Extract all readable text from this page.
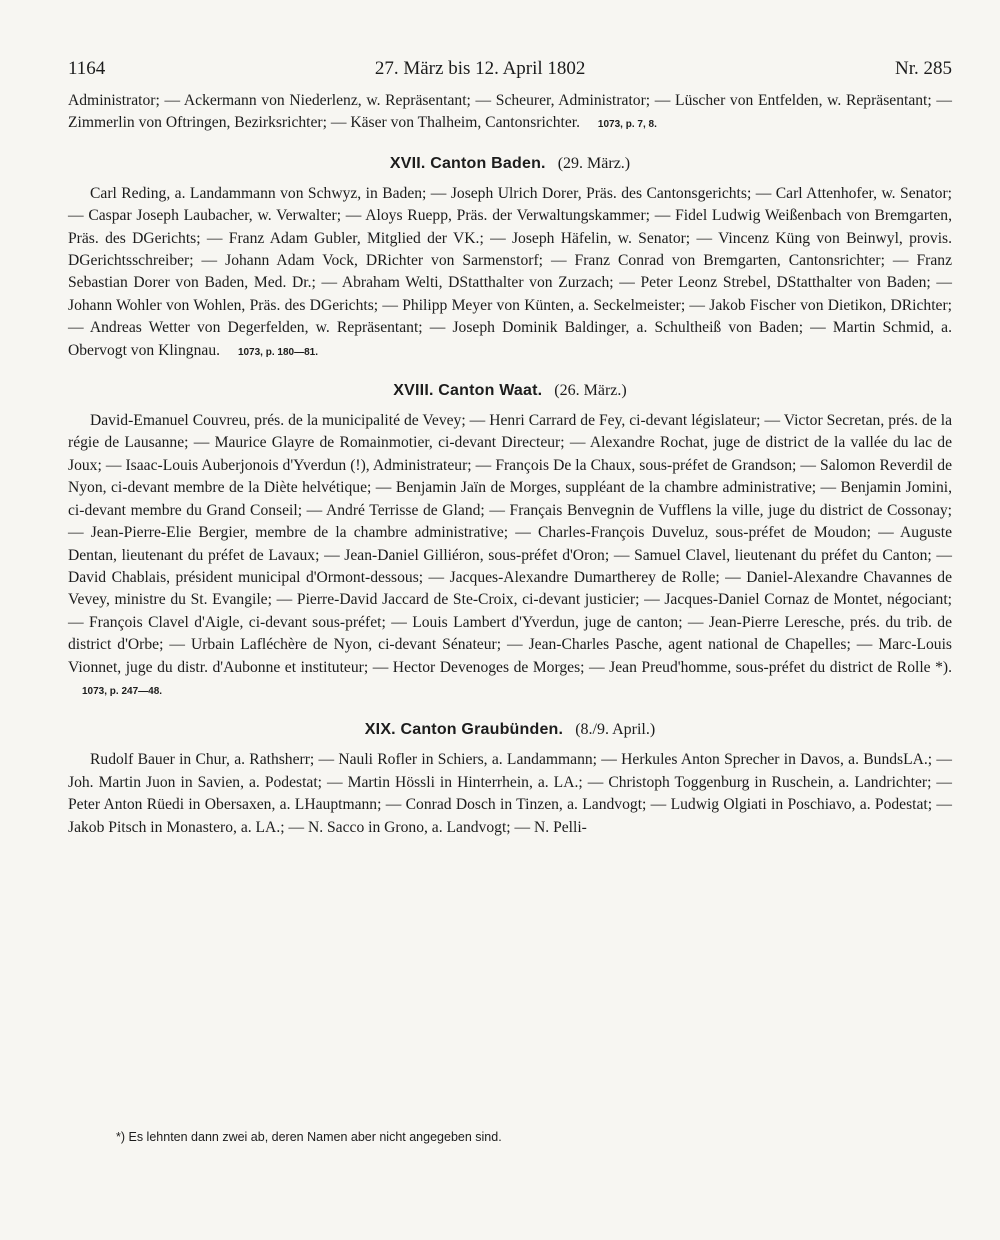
1164	27. März bis 12. April 1802	Nr. 285

Administrator; — Ackermann von Niederlenz, w. Repräsentant; — Scheurer, Administrator; — Lüscher von Entfelden, w. Repräsentant; — Zimmerlin von Oftringen, Bezirksrichter; — Käser von Thalheim, Cantonsrichter. 1073, p. 7, 8.

XVII. Canton Baden. (29. März.)

Carl Reding, a. Landammann von Schwyz, in Baden; — Joseph Ulrich Dorer, Präs. des Cantonsgerichts; — Carl Attenhofer, w. Senator; — Caspar Joseph Laubacher, w. Verwalter; — Aloys Ruepp, Präs. der Verwaltungskammer; — Fidel Ludwig Weißenbach von Bremgarten, Präs. des DGerichts; — Franz Adam Gubler, Mitglied der VK.; — Joseph Häfelin, w. Senator; — Vincenz Küng von Beinwyl, provis. DGerichtsschreiber; — Johann Adam Vock, DRichter von Sarmenstorf; — Franz Conrad von Bremgarten, Cantonsrichter; — Franz Sebastian Dorer von Baden, Med. Dr.; — Abraham Welti, DStatthalter von Zurzach; — Peter Leonz Strebel, DStatthalter von Baden; — Johann Wohler von Wohlen, Präs. des DGerichts; — Philipp Meyer von Künten, a. Seckelmeister; — Jakob Fischer von Dietikon, DRichter; — Andreas Wetter von Degerfelden, w. Repräsentant; — Joseph Dominik Baldinger, a. Schultheiß von Baden; — Martin Schmid, a. Obervogt von Klingnau. 1073, p. 180—81.

XVIII. Canton Waat. (26. März.)

David-Emanuel Couvreu, prés. de la municipalité de Vevey; — Henri Carrard de Fey, ci-devant législateur; — Victor Secretan, prés. de la régie de Lausanne; — Maurice Glayre de Romainmotier, ci-devant Directeur; — Alexandre Rochat, juge de district de la vallée du lac de Joux; — Isaac-Louis Auberjonois d'Yverdun (!), Administrateur; — François De la Chaux, sous-préfet de Grandson; — Salomon Reverdil de Nyon, ci-devant membre de la Diète helvétique; — Benjamin Jaïn de Morges, suppléant de la chambre administrative; — Benjamin Jomini, ci-devant membre du Grand Conseil; — André Terrisse de Gland; — Français Benvegnin de Vufflens la ville, juge du district de Cossonay; — Jean-Pierre-Elie Bergier, membre de la chambre administrative; — Charles-François Duveluz, sous-préfet de Moudon; — Auguste Dentan, lieutenant du préfet de Lavaux; — Jean-Daniel Gilliéron, sous-préfet d'Oron; — Samuel Clavel, lieutenant du préfet du Canton; — David Chablais, président municipal d'Ormont-dessous; — Jacques-Alexandre Dumartherey de Rolle; — Daniel-Alexandre Chavannes de Vevey, ministre du St. Evangile; — Pierre-David Jaccard de Ste-Croix, ci-devant justicier; — Jacques-Daniel Cornaz de Montet, négociant; — François Clavel d'Aigle, ci-devant sous-préfet; — Louis Lambert d'Yverdun, juge de canton; — Jean-Pierre Leresche, prés. du trib. de district d'Orbe; — Urbain Lafléchère de Nyon, ci-devant Sénateur; — Jean-Charles Pasche, agent national de Chapelles; — Marc-Louis Vionnet, juge du distr. d'Aubonne et instituteur; — Hector Devenoges de Morges; — Jean Preud'homme, sous-préfet du district de Rolle *). 1073, p. 247—48.

XIX. Canton Graubünden. (8./9. April.)

Rudolf Bauer in Chur, a. Rathsherr; — Nauli Rofler in Schiers, a. Landammann; — Herkules Anton Sprecher in Davos, a. BundsLA.; — Joh. Martin Juon in Savien, a. Podestat; — Martin Hössli in Hinterrhein, a. LA.; — Christoph Toggenburg in Ruschein, a. Landrichter; — Peter Anton Rüedi in Obersaxen, a. LHauptmann; — Conrad Dosch in Tinzen, a. Landvogt; — Ludwig Olgiati in Poschiavo, a. Podestat; — Jakob Pitsch in Monastero, a. LA.; — N. Sacco in Grono, a. Landvogt; — N. Pelli-

*) Es lehnten dann zwei ab, deren Namen aber nicht angegeben sind.
